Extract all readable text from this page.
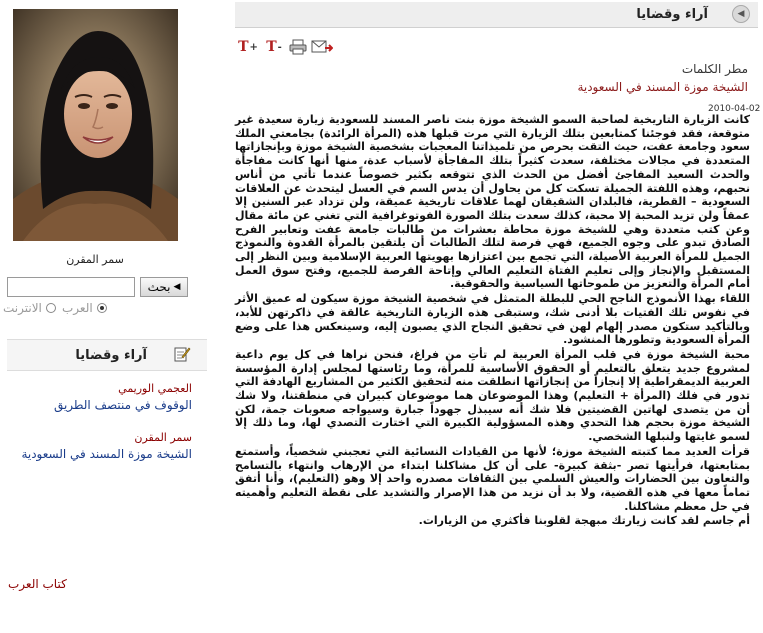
سمر المقرن
بحث ◀
العرب
الانترنت
آراء وقضايا
العجمي الوريمي
الوقوف في منتصف الطريق
سمر المقرن
الشيخة موزة المسند في السعودية
كتاب العرب
آراء وقضايا	◀
T + T -
مطر الكلمات
الشيخة موزة المسند في السعودية
2010-04-02

كانت الزيارة التاريخية لصاحبة السمو الشيخة موزة بنت ناصر المسند للسعودية زيارة سعيدة غير متوقعة، فقد فوجئنا كمتابعين بتلك الزيارة التي مرت قبلها هذه (المرأة الرائدة) بجامعتي الملك سعود وجامعة عفت، حيث التقت بحرص من تلميذاتنا المعجبات بشخصية الشيخة موزة وبإنجازاتها المتعددة في مجالات مختلفة، سعدت كثيراً بتلك المفاجأة لأسباب عدة، منها أنها كانت مفاجأة والحدث السعيد المفاجئ أفضل من الحدث الذي تتوقعه بكثير خصوصاً عندما تأتي من أناس نحبهم، وهذه اللفتة الجميلة تسكت كل من يحاول أن يدس السم في العسل ليتحدث عن العلاقات السعودية – القطرية، فالبلدان الشقيقان لهما علاقات تاريخية عميقة، ولن تزداد عبر السنين إلا عمقاً ولن تزيد المحبة إلا محبة، كذلك سعدت بتلك الصورة الفوتوغرافية التي تغني عن مائة مقال وعن كتب متعددة وهي للشيخة موزة محاطة بعشرات من طالبات جامعة عفت وتعابير الفرح الصادق تبدو على وجوه الجميع، فهي فرصة لتلك الطالبات أن يلتقين بالمرأة القدوة والنموذج الجميل للمرأة العربية الأصيلة، التي تجمع بين اعتزازها بهويتها العربية الإسلامية وبين النظر إلى المستقبل والإنجاز وإلى تعليم الفتاة التعليم العالي وإتاحة الفرصة للجميع، وفتح سوق العمل أمام المرأة والتعزيز من طموحاتها السياسية والحقوقية.

اللقاء بهذا الأنموذج الناجح الحي للبطلة المتمثل في شخصية الشيخة موزة سيكون له عميق الأثر في نفوس تلك الفتيات بلا أدنى شك، وستبقى هذه الزيارة التاريخية عالقة في ذاكرتهن للأبد، وبالتأكيد ستكون مصدر إلهام لهن في تحقيق النجاح الذي يصبون إليه، وسينعكس هذا على وضع المرأة السعودية وتطورها المنشود.

محبة الشيخة موزة في قلب المرأة العربية لم تأتِ من فراغ، فنحن نراها في كل يوم داعية لمشروع جديد يتعلق بالتعليم أو الحقوق الأساسية للمرأة، وما رئاستها لمجلس إدارة المؤسسة العربية الديمقراطية إلا إنجازاً من إنجازاتها انطلقت منه لتحقيق الكثير من المشاريع الهادفة التي تدور في فلك (المرأة + التعليم) وهذا الموضوعان هما موضوعان كبيران في منطقتنا، ولا شك أن من يتصدى لهاتين القضيتين فلا شك أنه سيبذل جهوداً جبارة وسيواجه صعوبات جمة، لكن الشيخة موزة بحجم هذا التحدي وهذه المسؤولية الكبيرة التي اختارت التصدي لها، وما ذلك إلا لسمو غايتها ولنبلها الشخصي.

قرأت العديد مما كتبته الشيخة موزة؛ لأنها من القيادات النسائية التي تعجبني شخصياً، وأستمتع بمتابعتها، فرأيتها تصر -بثقة كبيرة- على أن كل مشاكلنا ابتداء من الإرهاب وانتهاء بالتسامح والتعاون بين الحضارات والعيش السلمي بين الثقافات مصدره واحد إلا وهو (التعليم)، وأنا أتفق تماماً معها في هذه القضية، ولا بد أن نزيد من هذا الإصرار والتشديد على نقطة التعليم وأهميته في حل معظم مشاكلنا.

أم جاسم لقد كانت زيارتك مبهجة لقلوبنا فأكثري من الزيارات.
